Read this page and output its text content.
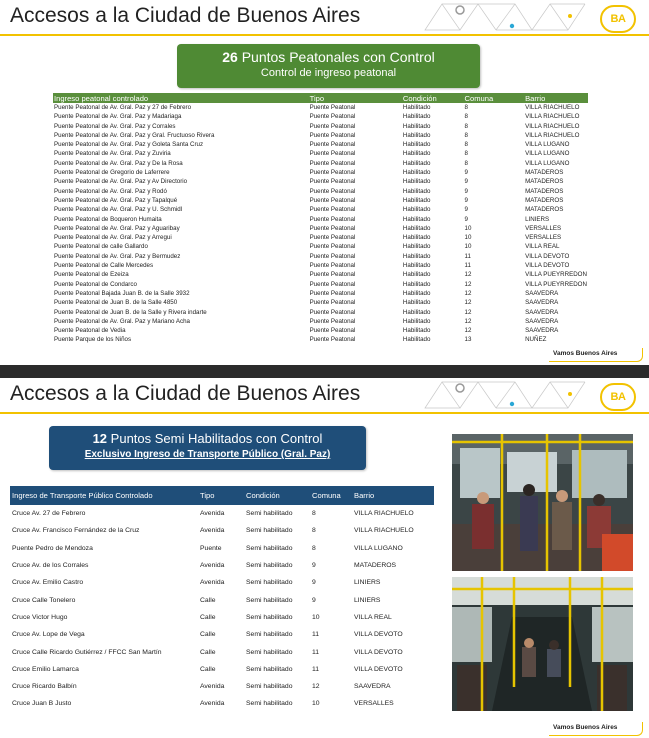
Accesos a la Ciudad de Buenos Aires	BA
26 Puntos Peatonales con Control
Control de ingreso peatonal
Ingreso peatonal controlado	Tipo	Condición	Comuna	Barrio
Puente Peatonal de Av. Gral. Paz y 27 de Febrero	Puente Peatonal	Habilitado	8	VILLA RIACHUELO
Puente Peatonal de Av. Gral. Paz y Madariaga	Puente Peatonal	Habilitado	8	VILLA RIACHUELO
Puente Peatonal de Av. Gral. Paz y Corrales	Puente Peatonal	Habilitado	8	VILLA RIACHUELO
Puente Peatonal de Av. Gral. Paz y Gral. Fructuoso Rivera	Puente Peatonal	Habilitado	8	VILLA RIACHUELO
Puente Peatonal de Av. Gral. Paz y Goleta Santa Cruz	Puente Peatonal	Habilitado	8	VILLA LUGANO
Puente Peatonal de Av. Gral. Paz y Zuviria	Puente Peatonal	Habilitado	8	VILLA LUGANO
Puente Peatonal de Av. Gral. Paz y De la Rosa	Puente Peatonal	Habilitado	8	VILLA LUGANO
Puente Peatonal de Gregorio de Laferrere	Puente Peatonal	Habilitado	9	MATADEROS
Puente Peatonal de Av. Gral. Paz y Av Directorio	Puente Peatonal	Habilitado	9	MATADEROS
Puente Peatonal de Av. Gral. Paz y Rodó	Puente Peatonal	Habilitado	9	MATADEROS
Puente Peatonal de Av. Gral. Paz y Tapalqué	Puente Peatonal	Habilitado	9	MATADEROS
Puente Peatonal de Av. Gral. Paz y U. Schmidl	Puente Peatonal	Habilitado	9	MATADEROS
Puente Peatonal de Boqueron Humaita	Puente Peatonal	Habilitado	9	LINIERS
Puente Peatonal de Av. Gral. Paz y Aguaribay	Puente Peatonal	Habilitado	10	VERSALLES
Puente Peatonal de Av. Gral. Paz y Arregui	Puente Peatonal	Habilitado	10	VERSALLES
Puente Peatonal de calle Gallardo	Puente Peatonal	Habilitado	10	VILLA REAL
Puente Peatonal de Av. Gral. Paz y Bermudez	Puente Peatonal	Habilitado	11	VILLA DEVOTO
Puente Peatonal de Calle Mercedes	Puente Peatonal	Habilitado	11	VILLA DEVOTO
Puente Peatonal de Ezeiza	Puente Peatonal	Habilitado	12	VILLA PUEYRREDON
Puente Peatonal de Condarco	Puente Peatonal	Habilitado	12	VILLA PUEYRREDON
Puente Peatonal Bajada Juan B. de la Salle 3932	Puente Peatonal	Habilitado	12	SAAVEDRA
Puente Peatonal de Juan B. de la Salle 4850	Puente Peatonal	Habilitado	12	SAAVEDRA
Puente Peatonal de Juan B. de la Salle y Rivera indarte	Puente Peatonal	Habilitado	12	SAAVEDRA
Puente Peatonal de Av. Gral. Paz y Mariano Acha	Puente Peatonal	Habilitado	12	SAAVEDRA
Puente Peatonal de Vedia	Puente Peatonal	Habilitado	12	SAAVEDRA
Puente Parque de los Niños	Puente Peatonal	Habilitado	13	NUÑEZ
Vamos Buenos Aires
Accesos a la Ciudad de Buenos Aires	BA
12 Puntos Semi Habilitados con Control
Exclusivo Ingreso de Transporte Público (Gral. Paz)
Ingreso de Transporte Público Controlado	Tipo	Condición	Comuna	Barrio
Cruce Av. 27 de Febrero	Avenida	Semi habilitado	8	VILLA RIACHUELO
Cruce Av. Francisco Fernández de la Cruz	Avenida	Semi habilitado	8	VILLA RIACHUELO
Puente Pedro de Mendoza	Puente	Semi habilitado	8	VILLA LUGANO
Cruce Av. de los Corrales	Avenida	Semi habilitado	9	MATADEROS
Cruce Av. Emilio Castro	Avenida	Semi habilitado	9	LINIERS
Cruce Calle Tonelero	Calle	Semi habilitado	9	LINIERS
Cruce Victor Hugo	Calle	Semi habilitado	10	VILLA REAL
Cruce Av. Lope de Vega	Calle	Semi habilitado	11	VILLA DEVOTO
Cruce Calle Ricardo Gutiérrez / FFCC San Martín	Calle	Semi habilitado	11	VILLA DEVOTO
Cruce Emilio Lamarca	Calle	Semi habilitado	11	VILLA DEVOTO
Cruce Ricardo Balbín	Avenida	Semi habilitado	12	SAAVEDRA
Cruce Juan B Justo	Avenida	Semi habilitado	10	VERSALLES
Vamos Buenos Aires
